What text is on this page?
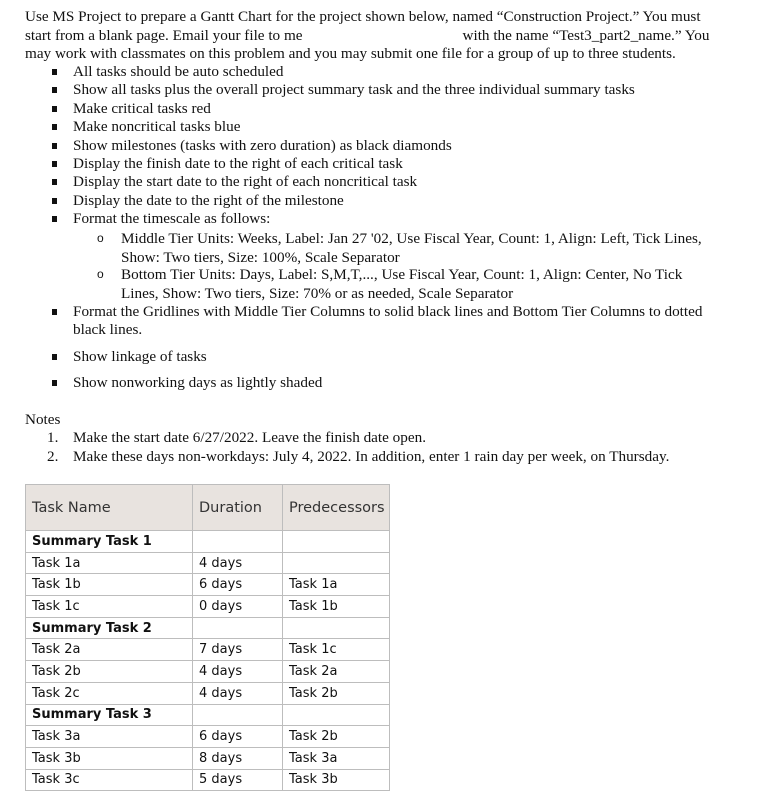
Use MS Project to prepare a Gantt Chart for the project shown below, named “Construction Project.” You must
start from a blank page. Email your file to me	with the name “Test3_part2_name.” You
may work with classmates on this problem and you may submit one file for a group of up to three students.
All tasks should be auto scheduled
Show all tasks plus the overall project summary task and the three individual summary tasks
Make critical tasks red
Make noncritical tasks blue
Show milestones (tasks with zero duration) as black diamonds
Display the finish date to the right of each critical task
Display the start date to the right of each noncritical task
Display the date to the right of the milestone
Format the timescale as follows:
o Middle Tier Units: Weeks, Label: Jan 27 '02, Use Fiscal Year, Count: 1, Align: Left, Tick Lines,
Show: Two tiers, Size: 100%, Scale Separator
o Bottom Tier Units: Days, Label: S,M,T,..., Use Fiscal Year, Count: 1, Align: Center, No Tick
Lines, Show: Two tiers, Size: 70% or as needed, Scale Separator
Format the Gridlines with Middle Tier Columns to solid black lines and Bottom Tier Columns to dotted
black lines.
Show linkage of tasks
Show nonworking days as lightly shaded
Notes
1. Make the start date 6/27/2022. Leave the finish date open.
2. Make these days non-workdays: July 4, 2022. In addition, enter 1 rain day per week, on Thursday.
Task Name	Duration	Predecessors
Summary Task 1		
Task 1a	4 days	
Task 1b	6 days	Task 1a
Task 1c	0 days	Task 1b
Summary Task 2		
Task 2a	7 days	Task 1c
Task 2b	4 days	Task 2a
Task 2c	4 days	Task 2b
Summary Task 3		
Task 3a	6 days	Task 2b
Task 3b	8 days	Task 3a
Task 3c	5 days	Task 3b
